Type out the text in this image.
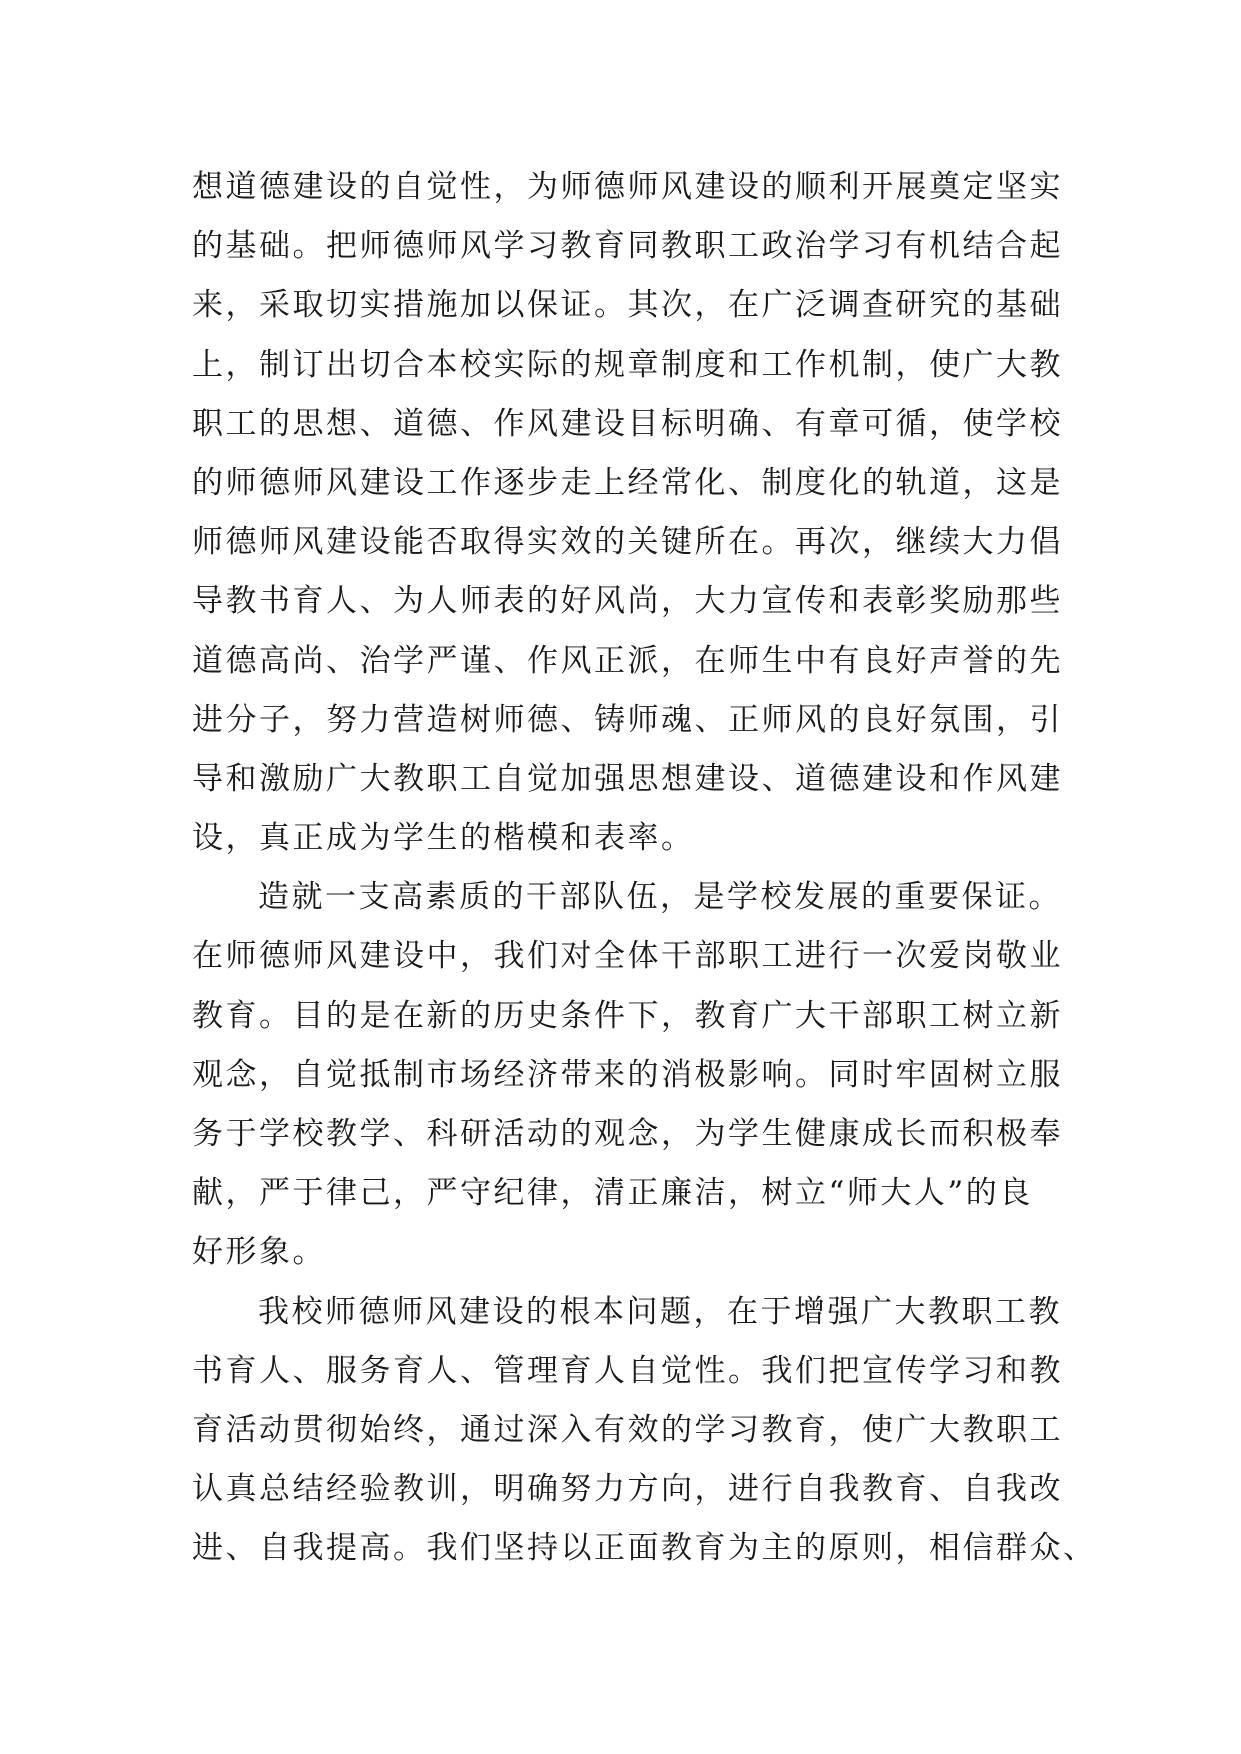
想道德建设的自觉性，为师德师风建设的顺利开展奠定坚实
的基础。把师德师风学习教育同教职工政治学习有机结合起
来，采取切实措施加以保证。其次，在广泛调查研究的基础
上，制订出切合本校实际的规章制度和工作机制，使广大教
职工的思想、道德、作风建设目标明确、有章可循，使学校
的师德师风建设工作逐步走上经常化、制度化的轨道，这是
师德师风建设能否取得实效的关键所在。再次，继续大力倡
导教书育人、为人师表的好风尚，大力宣传和表彰奖励那些
道德高尚、治学严谨、作风正派，在师生中有良好声誉的先
进分子，努力营造树师德、铸师魂、正师风的良好氛围，引
导和激励广大教职工自觉加强思想建设、道德建设和作风建
设，真正成为学生的楷模和表率。
造就一支高素质的干部队伍，是学校发展的重要保证。
在师德师风建设中，我们对全体干部职工进行一次爱岗敬业
教育。目的是在新的历史条件下，教育广大干部职工树立新
观念，自觉抵制市场经济带来的消极影响。同时牢固树立服
务于学校教学、科研活动的观念，为学生健康成长而积极奉
献，严于律己，严守纪律，清正廉洁，树立“师大人”的良
好形象。
我校师德师风建设的根本问题，在于增强广大教职工教
书育人、服务育人、管理育人自觉性。我们把宣传学习和教
育活动贯彻始终，通过深入有效的学习教育，使广大教职工
认真总结经验教训，明确努力方向，进行自我教育、自我改
进、自我提高。我们坚持以正面教育为主的原则，相信群众、
